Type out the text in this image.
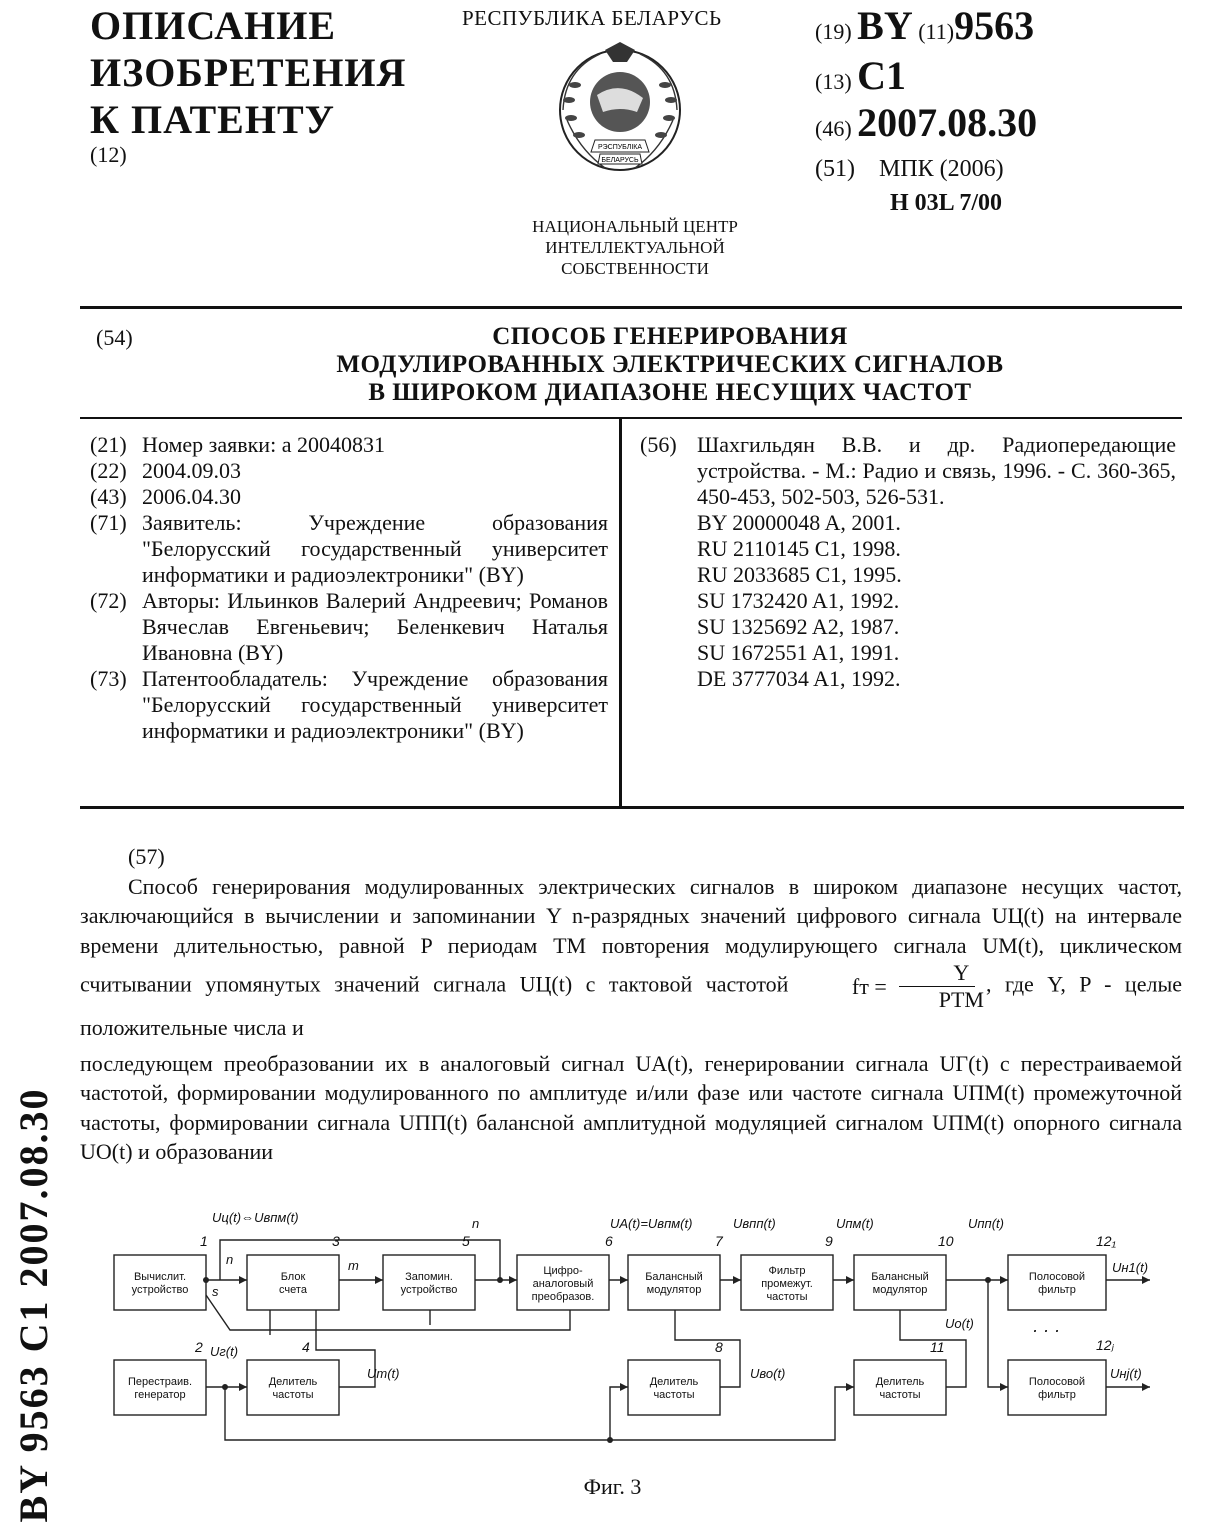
ОПИСАНИЕ
ИЗОБРЕТЕНИЯ
К ПАТЕНТУ
(12)
РЕСПУБЛИКА БЕЛАРУСЬ
РЭСПУБЛIКА
БЕЛАРУСЬ
НАЦИОНАЛЬНЫЙ ЦЕНТР
ИНТЕЛЛЕКТУАЛЬНОЙ
СОБСТВЕННОСТИ
(19) BY (11)9563
(13) C1
(46) 2007.08.30
(51) МПК (2006)
H 03L 7/00
(54)	СПОСОБ ГЕНЕРИРОВАНИЯ
МОДУЛИРОВАННЫХ ЭЛЕКТРИЧЕСКИХ СИГНАЛОВ
В ШИРОКОМ ДИАПАЗОНЕ НЕСУЩИХ ЧАСТОТ
(21) Номер заявки: а 20040831
(22) 2004.09.03
(43) 2006.04.30
(71) Заявитель: Учреждение образования "Белорусский государственный университет информатики и радиоэлектроники" (BY)
(72) Авторы: Ильинков Валерий Андреевич; Романов Вячеслав Евгеньевич; Беленкевич Наталья Ивановна (BY)
(73) Патентообладатель: Учреждение образования "Белорусский государственный университет информатики и радиоэлектроники" (BY)
(56) Шахгильдян В.В. и др. Радиопередающие устройства. - М.: Радио и связь, 1996. - С. 360-365, 450-453, 502-503, 526-531.
BY 20000048 A, 2001.
RU 2110145 C1, 1998.
RU 2033685 C1, 1995.
SU 1732420 A1, 1992.
SU 1325692 A2, 1987.
SU 1672551 A1, 1991.
DE 3777034 A1, 1992.
(57)

Способ генерирования модулированных электрических сигналов в широком диапазоне несущих частот, заключающийся в вычислении и запоминании Y n-разрядных значений цифрового сигнала UЦ(t) на интервале времени длительностью, равной P периодам TМ повторения модулирующего сигнала UМ(t), циклическом считывании упомянутых значений сигнала UЦ(t) с тактовой частотой	fт =
Y
PTМ
, где Y, P - целые положительные числа и

последующем преобразовании их в аналоговый сигнал UА(t), генерировании сигнала UГ(t) с перестраиваемой частотой, формировании модулированного по амплитуде и/или фазе или частоте сигнала UПМ(t) промежуточной частоты, формировании сигнала UПП(t) балансной амплитудной модуляцией сигналом UПМ(t) опорного сигнала UО(t) и образовании

Вычислит.
устройство
Блок
счета
Запомин.
устройство
Цифро-
аналоговый
преобразов.
Балансный
модулятор
Фильтр
промежут.
частоты
Балансный
модулятор
Полосовой
фильтр
Перестраив.
генератор
Делитель
частоты
Делитель
частоты
Делитель
частоты
Полосовой
фильтр
1
2
3
4
5	6	7
8
9	10
11
12₁
12ⱼ
Uц(t)⇔Uвпм(t)	n
n
s
m
UА(t)=Uвпм(t)	Uвпп(t)	Uпм(t)	Uпп(t)
Uо(t)
Uг(t)
Uт(t)	Uво(t)
Uн1(t)
Uнj(t)
· · ·
Фиг. 3
BY 9563 C1 2007.08.30
